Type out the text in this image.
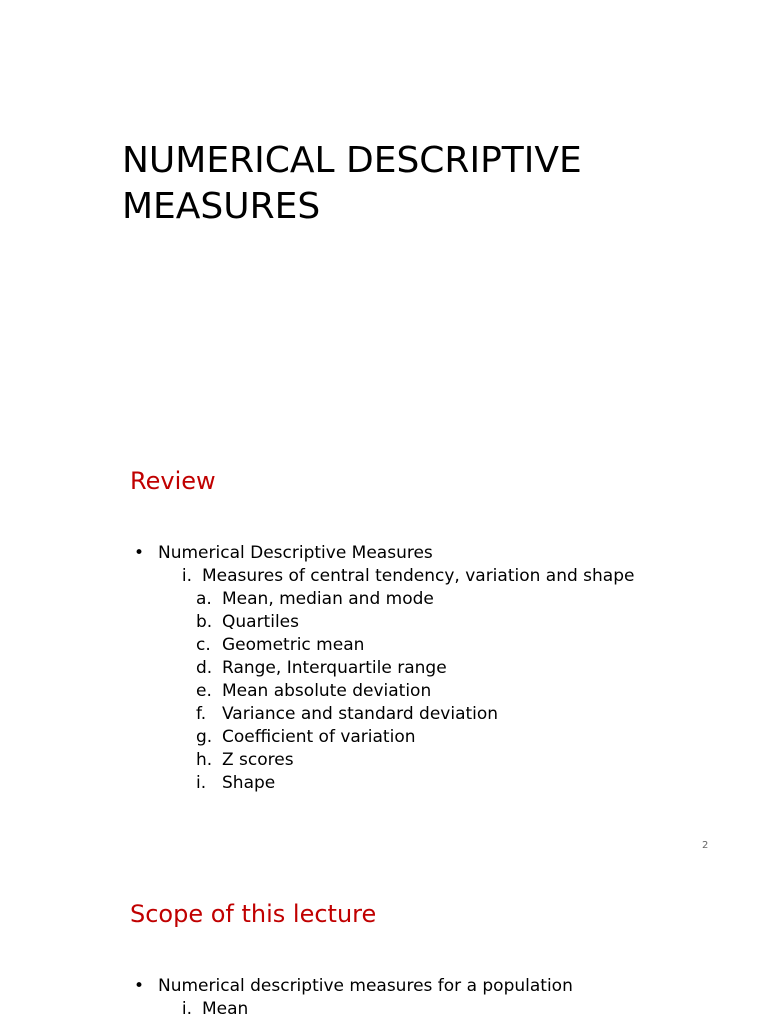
NUMERICAL DESCRIPTIVE MEASURES
Review
• Numerical Descriptive Measures
i. Measures of central tendency, variation and shape
a. Mean, median and mode
b. Quartiles
c. Geometric mean
d. Range, Interquartile range
e. Mean absolute deviation
f. Variance and standard deviation
g. Coefficient of variation
h. Z scores
i. Shape
2
Scope of this lecture
• Numerical descriptive measures for a population
i. Mean
